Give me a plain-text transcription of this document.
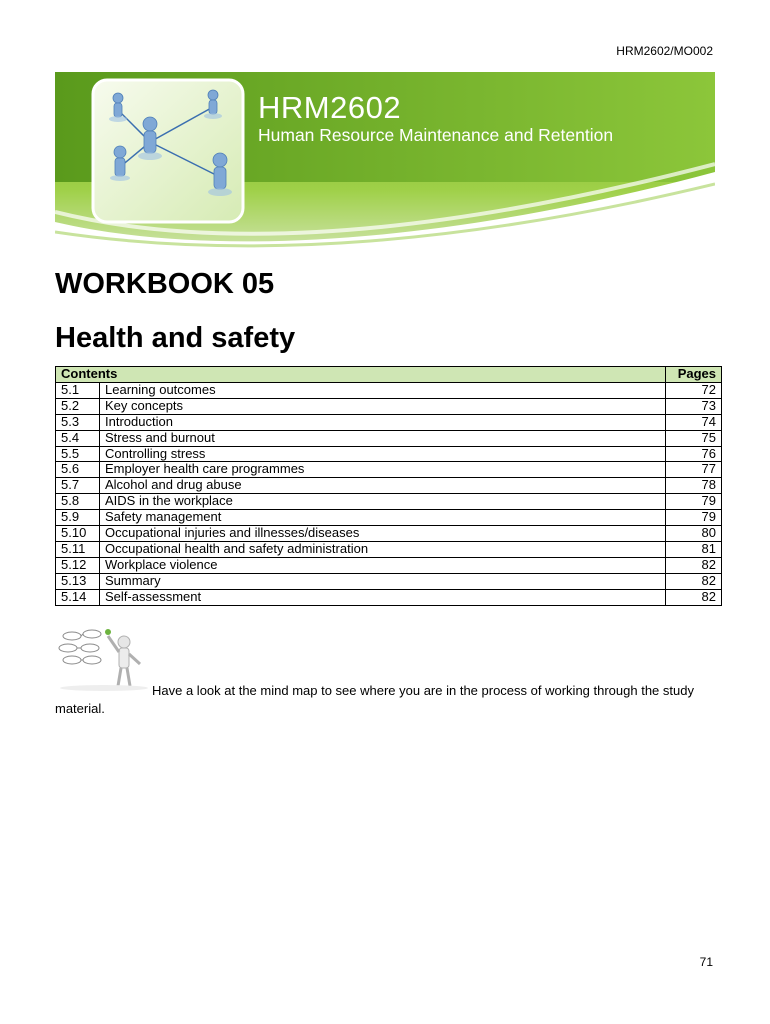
HRM2602/MO002
HRM2602
Human Resource Maintenance and Retention
WORKBOOK 05
Health and safety
Contents		Pages
5.1	Learning outcomes	72
5.2	Key concepts	73
5.3	Introduction	74
5.4	Stress and burnout	75
5.5	Controlling stress	76
5.6	Employer health care programmes	77
5.7	Alcohol and drug abuse	78
5.8	AIDS in the workplace	79
5.9	Safety management	79
5.10	Occupational injuries and illnesses/diseases	80
5.11	Occupational health and safety administration	81
5.12	Workplace violence	82
5.13	Summary	82
5.14	Self-assessment	82
Have a look at the mind map to see where you are in the process of working through the study material.
71
